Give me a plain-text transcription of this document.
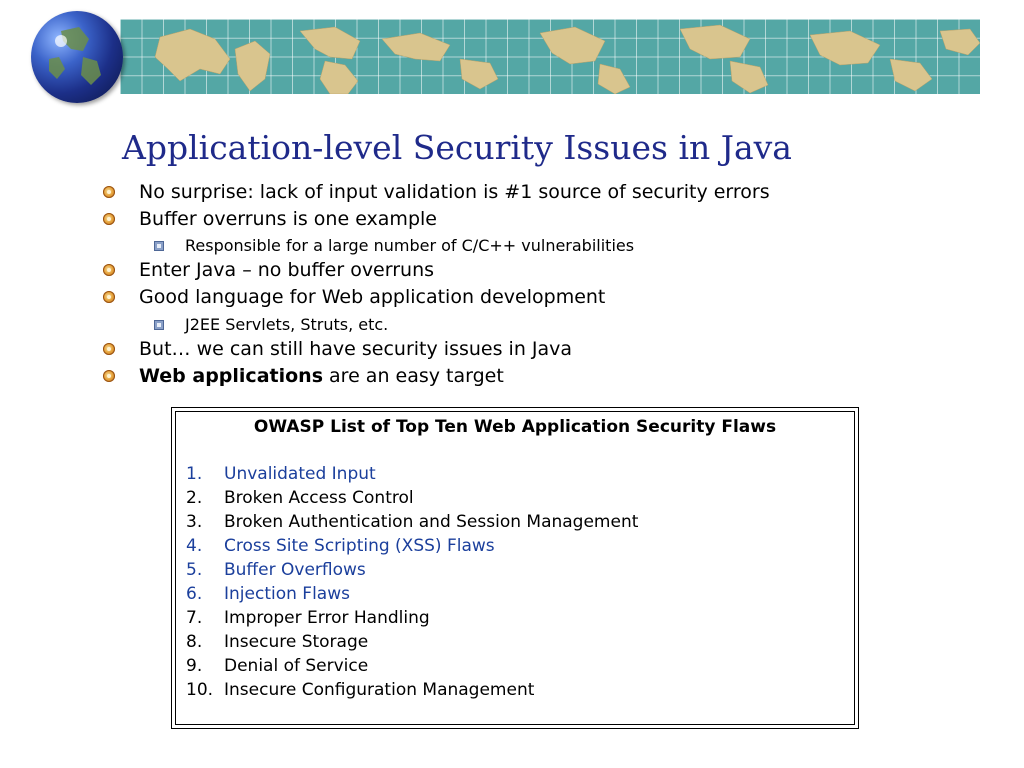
Application-level Security Issues in Java
No surprise: lack of input validation is #1 source of security errors
Buffer overruns is one example
Responsible for a large number of C/C++ vulnerabilities
Enter Java – no buffer overruns
Good language for Web application development
J2EE Servlets, Struts, etc.
But… we can still have security issues in Java
Web applications are an easy target
OWASP List of Top Ten Web Application Security Flaws
1. Unvalidated Input
2. Broken Access Control
3. Broken Authentication and Session Management
4. Cross Site Scripting (XSS) Flaws
5. Buffer Overflows
6. Injection Flaws
7. Improper Error Handling
8. Insecure Storage
9. Denial of Service
10. Insecure Configuration Management
